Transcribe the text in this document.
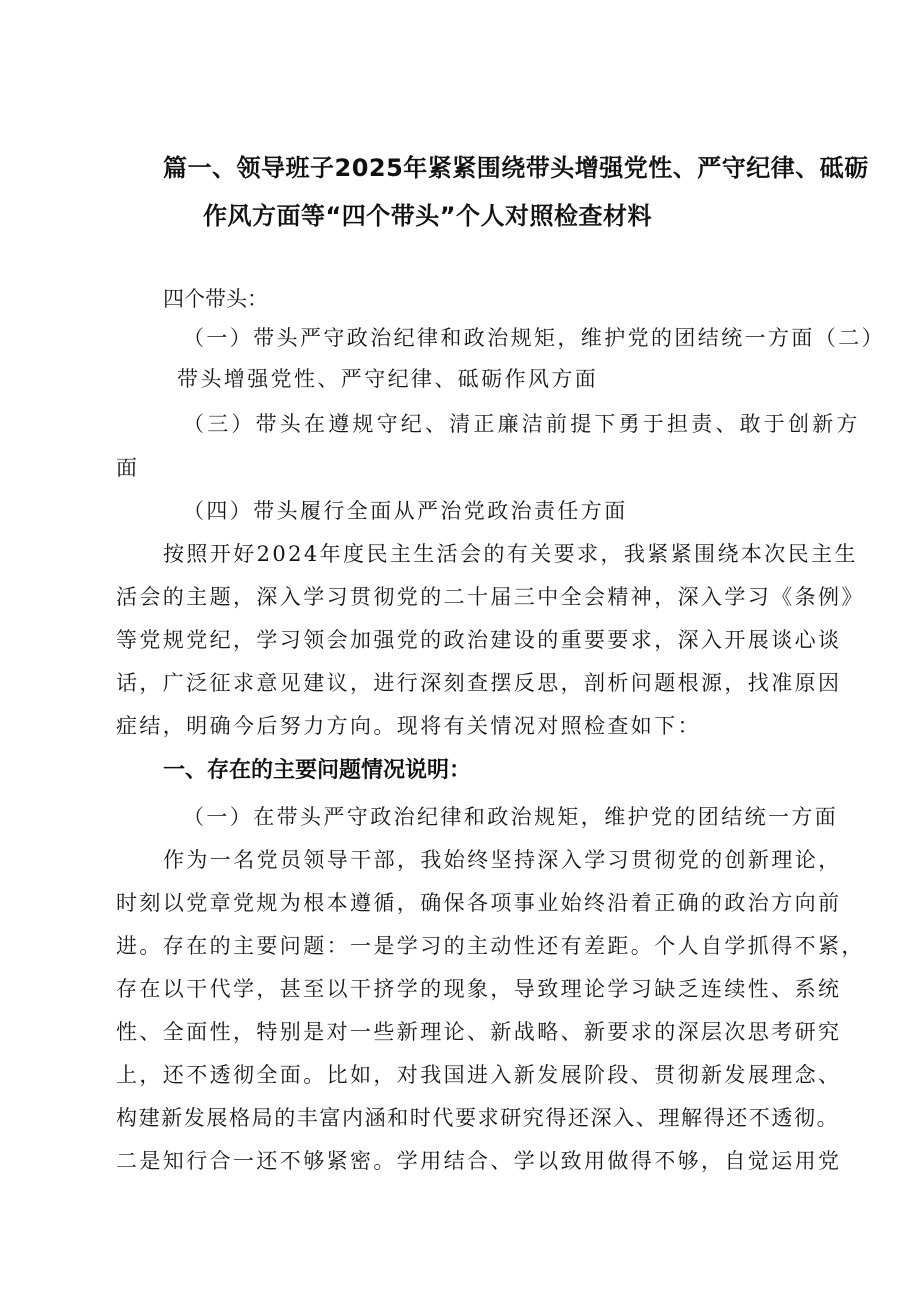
篇一、领导班子2025年紧紧围绕带头增强党性、严守纪律、砥砺
作风方面等“四个带头”个人对照检查材料
四个带头：
（一）带头严守政治纪律和政治规矩，维护党的团结统一方面（二）
带头增强党性、严守纪律、砥砺作风方面
（三）带头在遵规守纪、清正廉洁前提下勇于担责、敢于创新方
面
（四）带头履行全面从严治党政治责任方面
按照开好2024年度民主生活会的有关要求，我紧紧围绕本次民主生
活会的主题，深入学习贯彻党的二十届三中全会精神，深入学习《条例》
等党规党纪，学习领会加强党的政治建设的重要要求，深入开展谈心谈
话，广泛征求意见建议，进行深刻查摆反思，剖析问题根源，找准原因
症结，明确今后努力方向。现将有关情况对照检查如下：
一、存在的主要问题情况说明：
（一）在带头严守政治纪律和政治规矩，维护党的团结统一方面
作为一名党员领导干部，我始终坚持深入学习贯彻党的创新理论，
时刻以党章党规为根本遵循，确保各项事业始终沿着正确的政治方向前
进。存在的主要问题：一是学习的主动性还有差距。个人自学抓得不紧，
存在以干代学，甚至以干挤学的现象，导致理论学习缺乏连续性、系统
性、全面性，特别是对一些新理论、新战略、新要求的深层次思考研究
上，还不透彻全面。比如，对我国进入新发展阶段、贯彻新发展理念、
构建新发展格局的丰富内涵和时代要求研究得还深入、理解得还不透彻。
二是知行合一还不够紧密。学用结合、学以致用做得不够，自觉运用党
